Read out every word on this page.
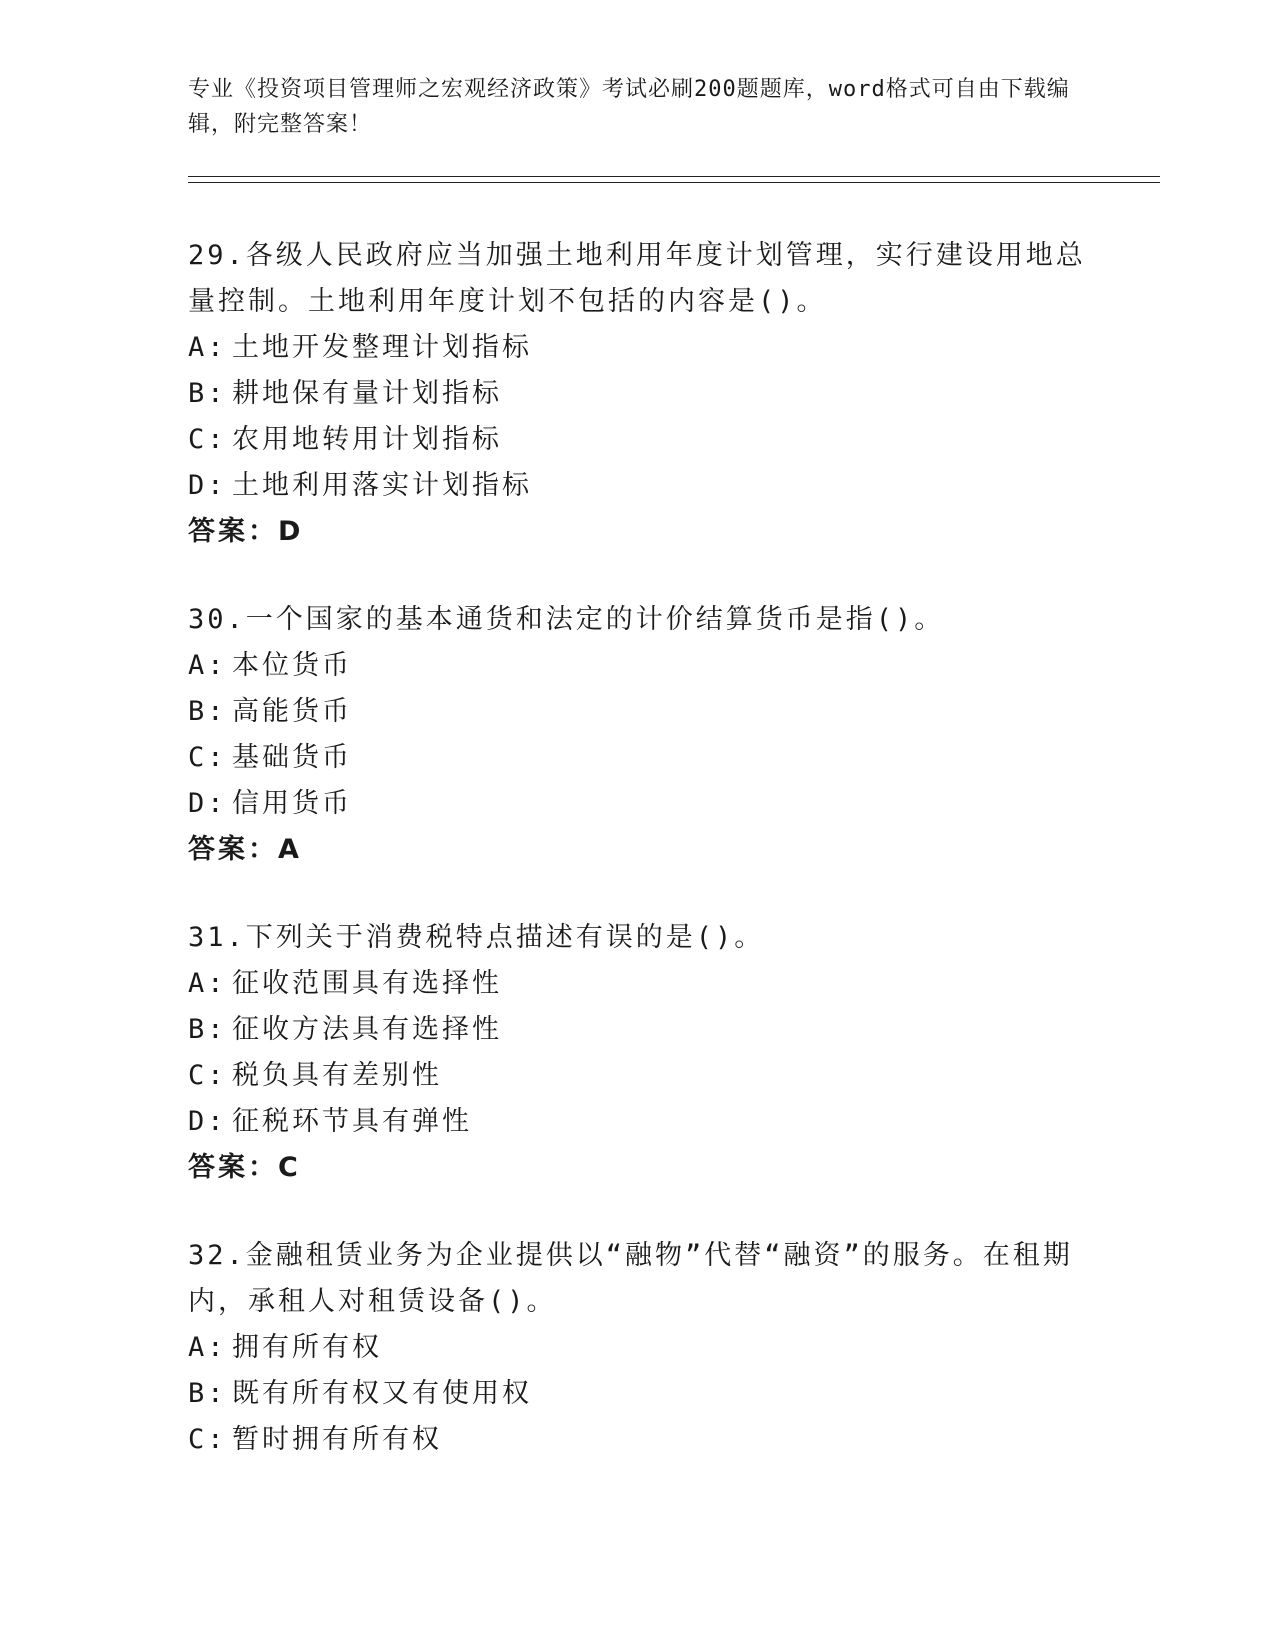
专业《投资项目管理师之宏观经济政策》考试必刷200题题库，word格式可自由下载编辑，附完整答案！

29.各级人民政府应当加强土地利用年度计划管理，实行建设用地总量控制。土地利用年度计划不包括的内容是()。

A: 土地开发整理计划指标

B: 耕地保有量计划指标

C: 农用地转用计划指标

D: 土地利用落实计划指标

答案：D

30.一个国家的基本通货和法定的计价结算货币是指()。

A: 本位货币

B: 高能货币

C: 基础货币

D: 信用货币

答案：A

31.下列关于消费税特点描述有误的是()。

A: 征收范围具有选择性

B: 征收方法具有选择性

C: 税负具有差别性

D: 征税环节具有弹性

答案：C

32.金融租赁业务为企业提供以“融物”代替“融资”的服务。在租期内，承租人对租赁设备()。

A: 拥有所有权

B: 既有所有权又有使用权

C: 暂时拥有所有权
